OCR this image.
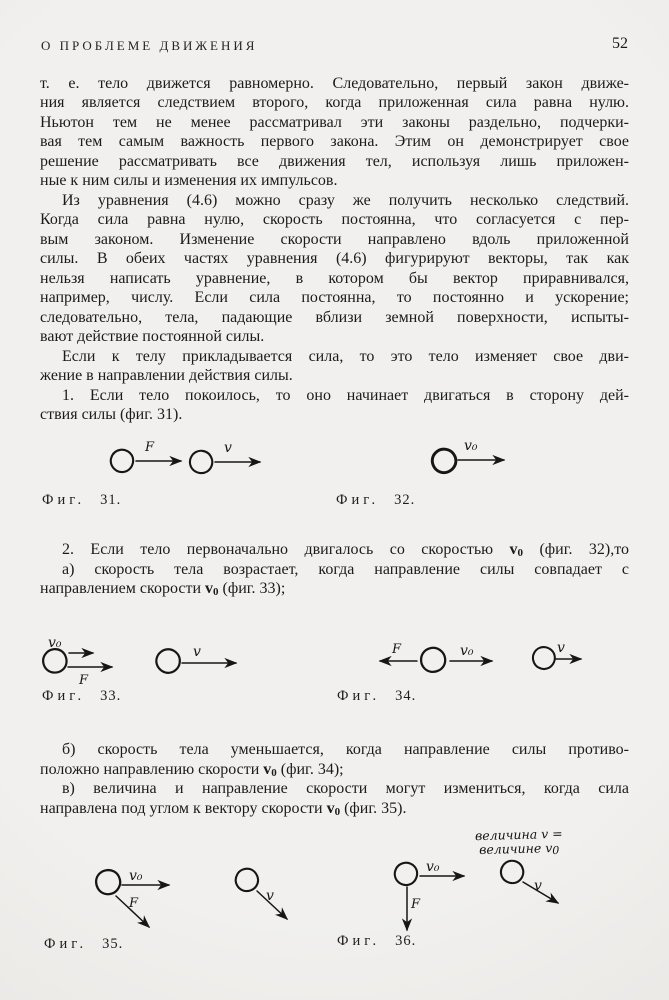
О ПРОБЛЕМЕ ДВИЖЕНИЯ	52
т. е. тело движется равномерно. Следовательно, первый закон движе-
ния является следствием второго, когда приложенная сила равна нулю.
Ньютон тем не менее рассматривал эти законы раздельно, подчерки-
вая тем самым важность первого закона. Этим он демонстрирует свое
решение рассматривать все движения тел, используя лишь приложен-
ные к ним силы и изменения их импульсов.
Из уравнения (4.6) можно сразу же получить несколько следствий.
Когда сила равна нулю, скорость постоянна, что согласуется с пер-
вым законом. Изменение скорости направлено вдоль приложенной
силы. В обеих частях уравнения (4.6) фигурируют векторы, так как
нельзя написать уравнение, в котором бы вектор приравнивался,
например, числу. Если сила постоянна, то постоянно и ускорение;
следовательно, тела, падающие вблизи земной поверхности, испыты-
вают действие постоянной силы.
Если к телу прикладывается сила, то это тело изменяет свое дви-
жение в направлении действия силы.
1. Если тело покоилось, то оно начинает двигаться в сторону дей-
ствия силы (фиг. 31).
F	v
Фиг. 31.
v₀
Фиг. 32.
2. Если тело первоначально двигалось со скоростью $v_0$ (фиг. 32),то
а) скорость тела возрастает, когда направление силы совпадает с
направлением скорости $v_0$ (фиг. 33);
v₀
F
v
Фиг. 33.
F	v₀	v
Фиг. 34.
б) скорость тела уменьшается, когда направление силы противо-
положно направлению скорости $v_0$ (фиг. 34);
в) величина и направление скорости могут измениться, когда сила
направлена под углом к вектору скорости $v_0$ (фиг. 35).
величина v =
величине $v_0$
v₀
F	v
Фиг. 35.
v₀
F
v
Фиг. 36.
